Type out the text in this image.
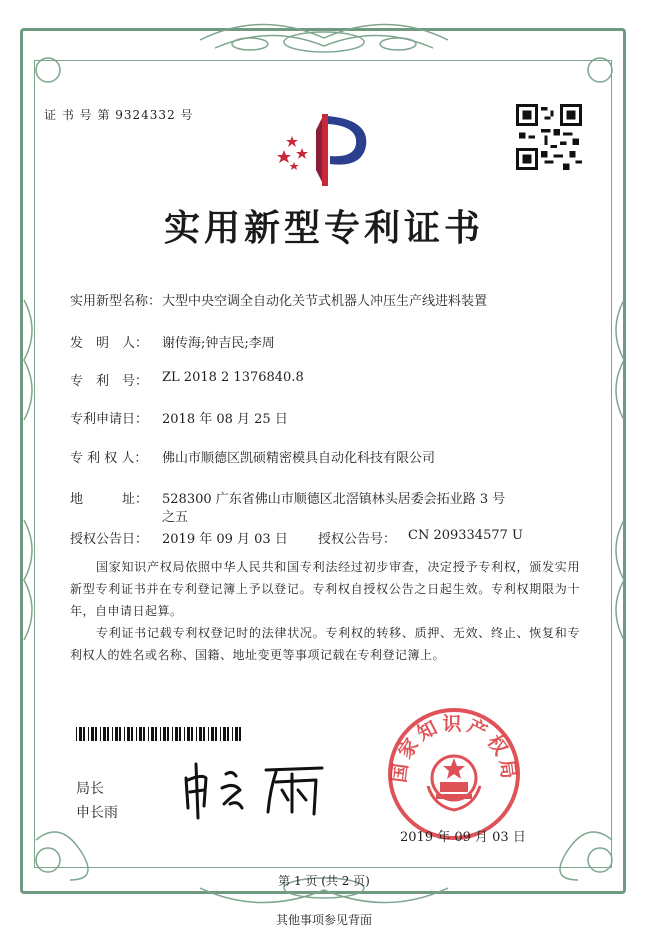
证 书 号 第 9324332 号
实用新型专利证书
实用新型名称： 大型中央空调全自动化关节式机器人冲压生产线进料装置
发　明　人： 谢传海;钟吉民;李周
专　利　号： ZL 2018 2 1376840.8
专利申请日： 2018 年 08 月 25 日
专 利 权 人： 佛山市顺德区凯硕精密模具自动化科技有限公司
地　　　址： 528300 广东省佛山市顺德区北滘镇林头居委会拓业路 3 号
之五
授权公告日： 2019 年 09 月 03 日 授权公告号： CN 209334577 U
国家知识产权局依照中华人民共和国专利法经过初步审查，决定授予专利权，颁发实用新型专利证书并在专利登记簿上予以登记。专利权自授权公告之日起生效。专利权期限为十年，自申请日起算。
专利证书记载专利权登记时的法律状况。专利权的转移、质押、无效、终止、恢复和专利权人的姓名或名称、国籍、地址变更等事项记载在专利登记簿上。
局长
申长雨
国家知识产权局
2019 年 09 月 03 日
第 1 页 (共 2 页)
其他事项参见背面
